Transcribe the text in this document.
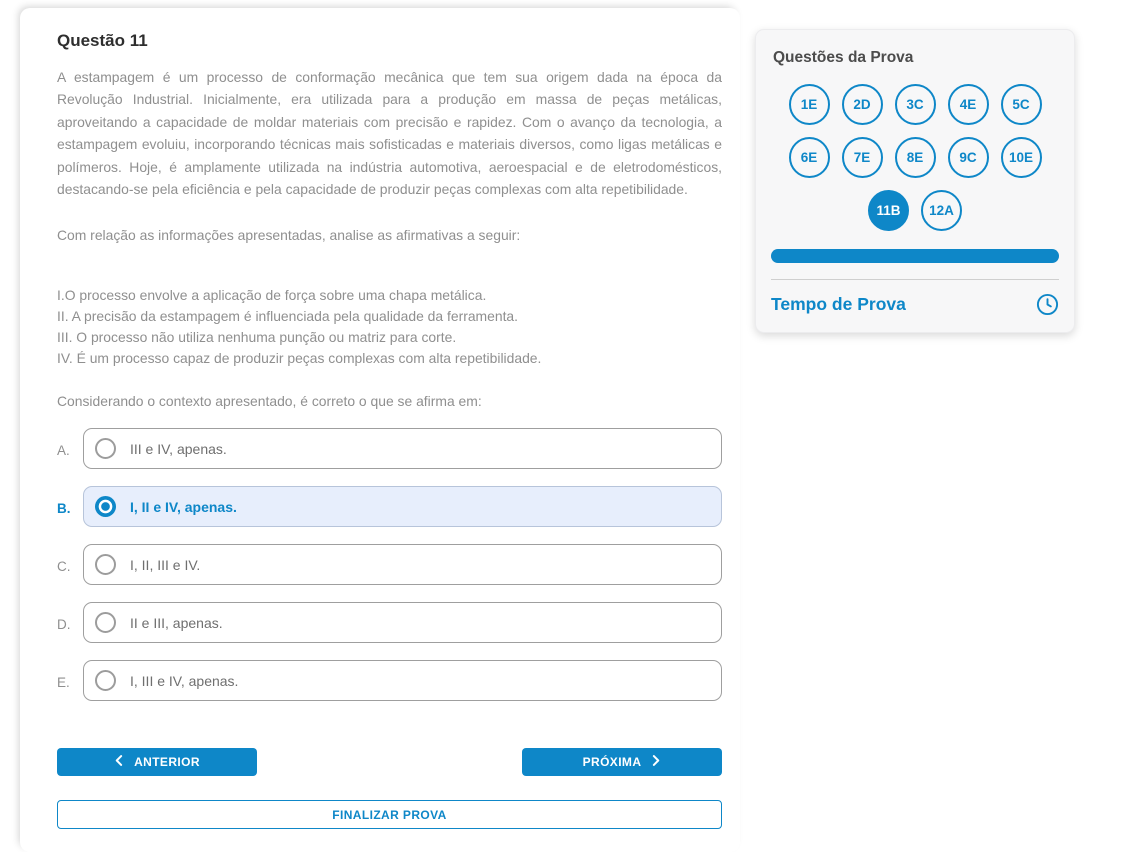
Questão 11

A estampagem é um processo de conformação mecânica que tem sua origem dada na época da Revolução Industrial. Inicialmente, era utilizada para a produção em massa de peças metálicas, aproveitando a capacidade de moldar materiais com precisão e rapidez. Com o avanço da tecnologia, a estampagem evoluiu, incorporando técnicas mais sofisticadas e materiais diversos, como ligas metálicas e polímeros. Hoje, é amplamente utilizada na indústria automotiva, aeroespacial e de eletrodomésticos, destacando-se pela eficiência e pela capacidade de produzir peças complexas com alta repetibilidade.

Com relação as informações apresentadas, analise as afirmativas a seguir:

I.O processo envolve a aplicação de força sobre uma chapa metálica.

II. A precisão da estampagem é influenciada pela qualidade da ferramenta.

III. O processo não utiliza nenhuma punção ou matriz para corte.

IV. É um processo capaz de produzir peças complexas com alta repetibilidade.

Considerando o contexto apresentado, é correto o que se afirma em:

A.	III e IV, apenas.
B.	I, II e IV, apenas.
C.	I, II, III e IV.
D.	II e III, apenas.
E.	I, III e IV, apenas.
ANTERIOR	PRÓXIMA
FINALIZAR PROVA
Questões da Prova
1E	2D	3C	4E	5C
6E	7E	8E	9C	10E
11B	12A
Tempo de Prova
